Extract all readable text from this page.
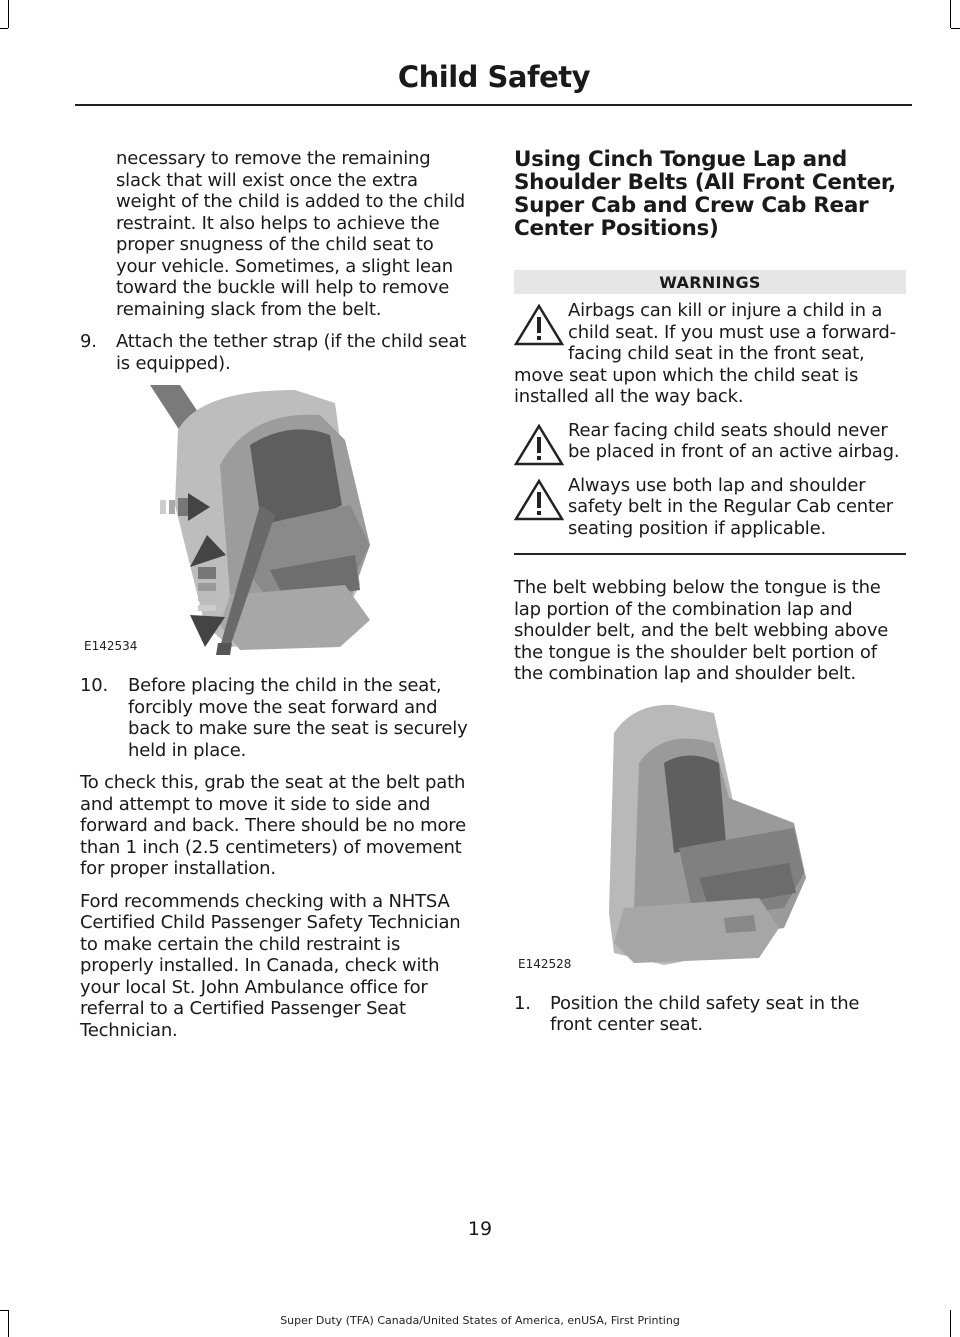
Child Safety

necessary to remove the remaining slack that will exist once the extra weight of the child is added to the child restraint. It also helps to achieve the proper snugness of the child seat to your vehicle. Sometimes, a slight lean toward the buckle will help to remove remaining slack from the belt.

9.	Attach the tether strap (if the child seat is equipped).
E142534
10.	Before placing the child in the seat, forcibly move the seat forward and back to make sure the seat is securely held in place.

To check this, grab the seat at the belt path and attempt to move it side to side and forward and back. There should be no more than 1 inch (2.5 centimeters) of movement for proper installation.

Ford recommends checking with a NHTSA Certified Child Passenger Safety Technician to make certain the child restraint is properly installed. In Canada, check with your local St. John Ambulance office for referral to a Certified Passenger Seat Technician.

Using Cinch Tongue Lap and Shoulder Belts (All Front Center, Super Cab and Crew Cab Rear Center Positions)
WARNINGS
Airbags can kill or injure a child in a child seat. If you must use a forward-facing child seat in the front seat, move seat upon which the child seat is installed all the way back.
Rear facing child seats should never be placed in front of an active airbag.
Always use both lap and shoulder safety belt in the Regular Cab center seating position if applicable.

The belt webbing below the tongue is the lap portion of the combination lap and shoulder belt, and the belt webbing above the tongue is the shoulder belt portion of the combination lap and shoulder belt.

E142528
1.	Position the child safety seat in the front center seat.
19
Super Duty (TFA) Canada/United States of America, enUSA, First Printing
